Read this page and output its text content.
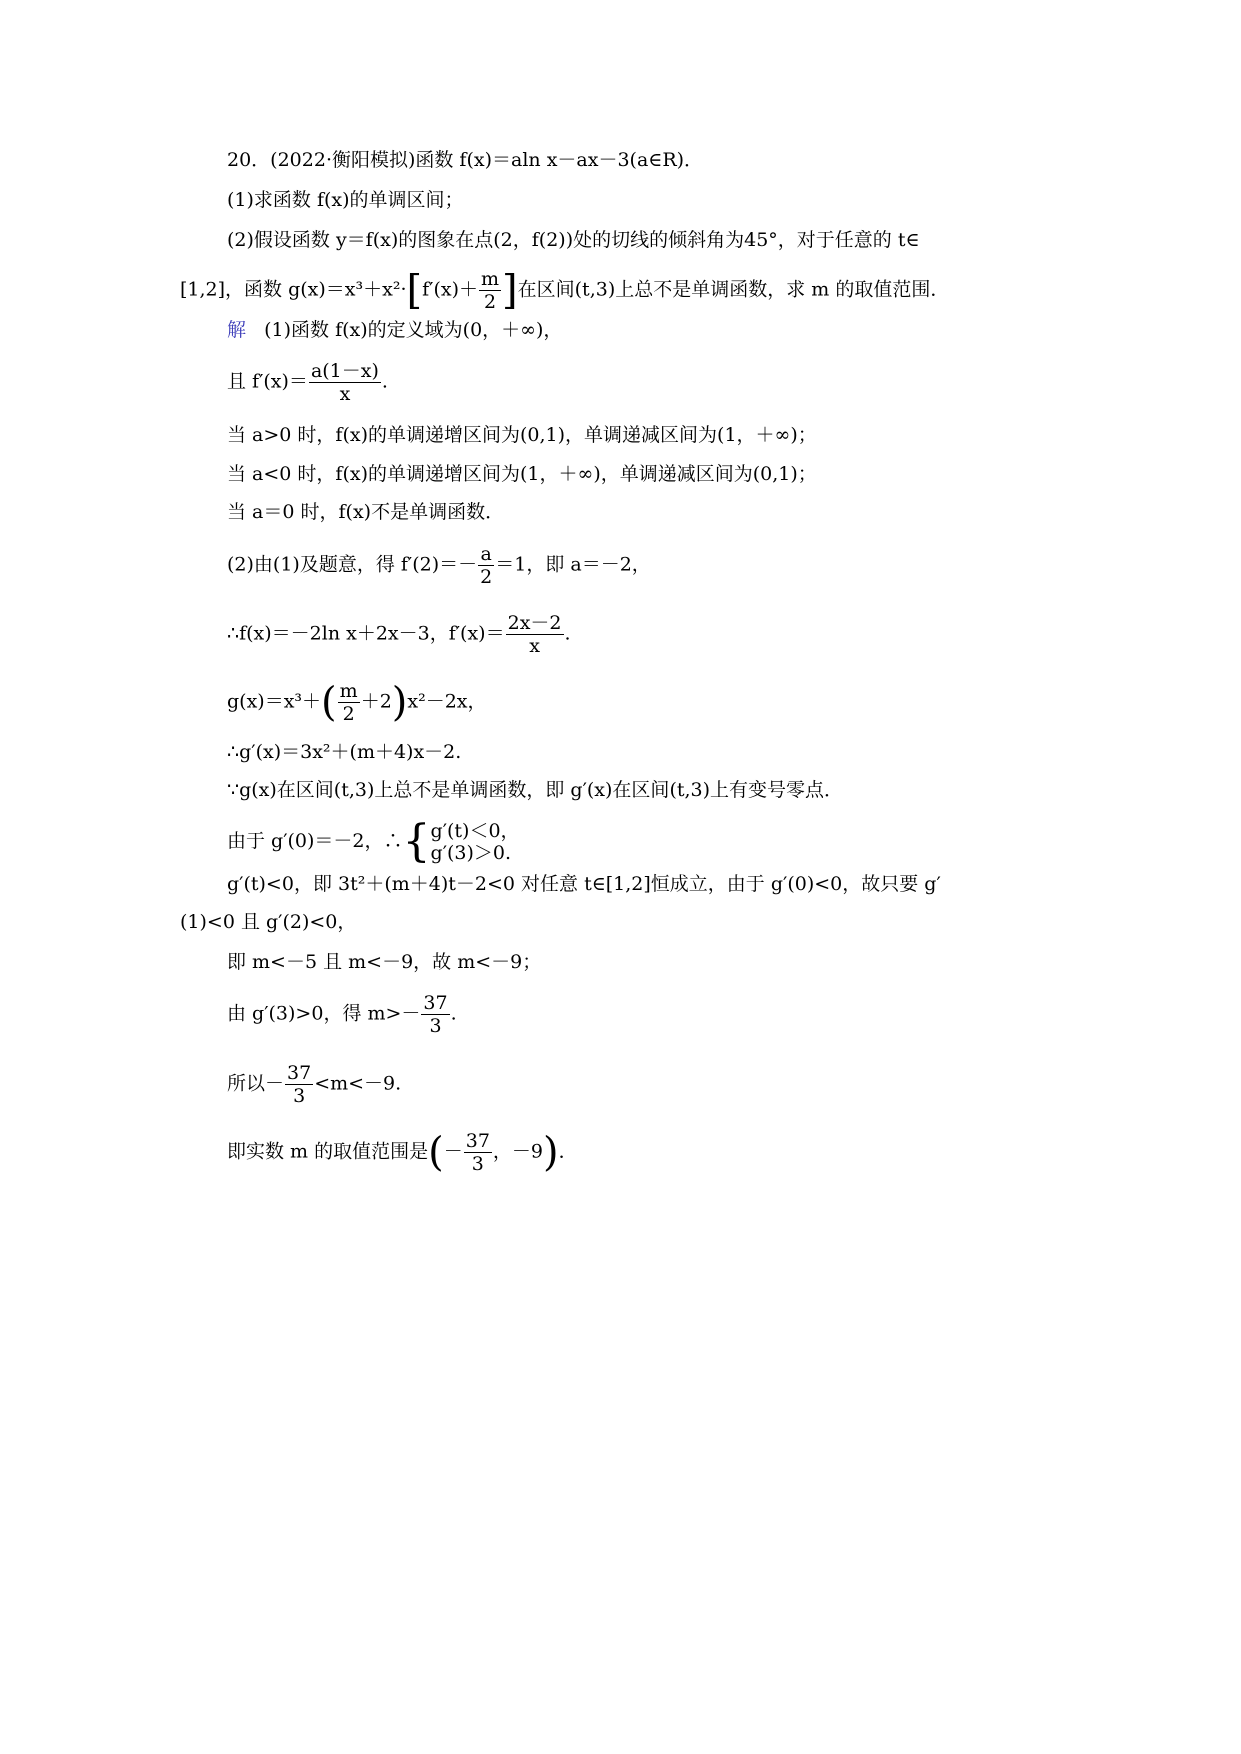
20．(2022·衡阳模拟)函数 f(x)＝aln x－ax－3(a∈R)．
(1)求函数 f(x)的单调区间；
(2)假设函数 y＝f(x)的图象在点(2，f(2))处的切线的倾斜角为45°，对于任意的 t∈
[1,2]，函数 $g(x)=x^3+x^2\cdot[f'(x)+ \frac{m}{2}$ ]在区间(t,3)上总不是单调函数，求 m 的取值范围．
解 (1)函数 f(x)的定义域为(0，＋∞)，
且 $f'(x)= \frac{a(1-x)}{x}$ .
当 a>0 时，f(x)的单调递增区间为(0,1)，单调递减区间为(1，＋∞)；
当 a<0 时，f(x)的单调递增区间为(1，＋∞)，单调递减区间为(0,1)；
当 a＝0 时，f(x)不是单调函数．
(2)由(1)及题意，得 $f'(2)=- \frac{a}{2} =1$，即 a＝－2，
∴f(x)＝－2ln x＋2x－3，$f'(x)= \frac{2x-2}{x}$ .
$g(x)=x^3+( \frac{m}{2} +2)x^2-2x$，
∴g′(x)＝3x²＋(m＋4)x－2.
∵g(x)在区间(t,3)上总不是单调函数，即 g′(x)在区间(t,3)上有变号零点．
由于 g′(0)＝－2，∴{ g′(t)＜0，
g′(3)＞0.
g′(t)<0，即 3t²＋(m＋4)t－2<0 对任意 t∈[1,2]恒成立，由于 g′(0)<0，故只要 g′
(1)<0 且 g′(2)<0，
即 m<－5 且 m<－9，故 m<－9；
由 g′(3)>0，得 $m>- \frac{37}{3}$ .
所以－ $\frac{37}{3} <m<-9$.
即实数 m 的取值范围是(－ $\frac{37}{3}$ ，－9)．
